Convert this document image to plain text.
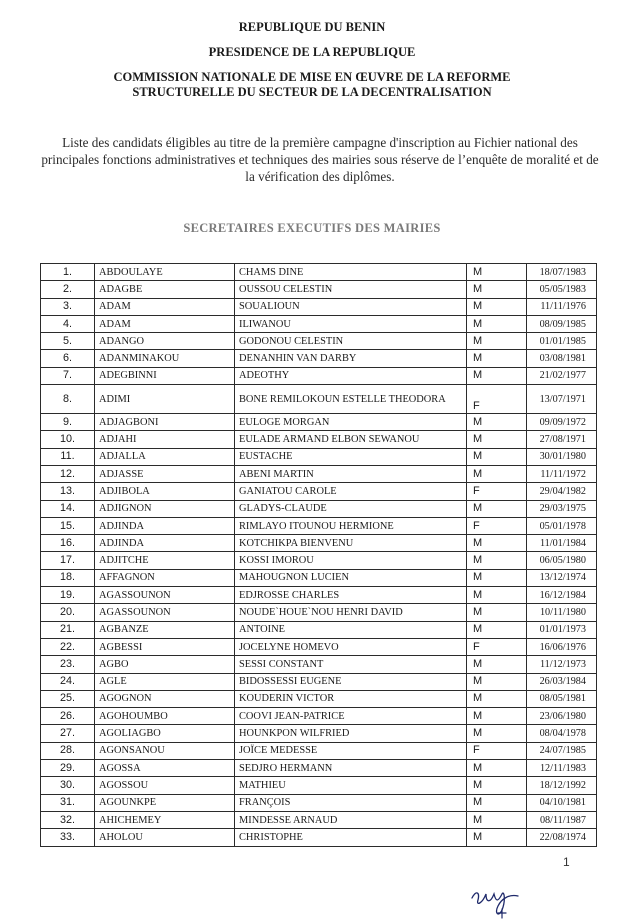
REPUBLIQUE DU BENIN
PRESIDENCE DE LA REPUBLIQUE
COMMISSION NATIONALE DE MISE EN ŒUVRE DE LA REFORME
STRUCTURELLE DU SECTEUR DE LA DECENTRALISATION
Liste des candidats éligibles au titre de la première campagne d'inscription au Fichier national des principales fonctions administratives et techniques des mairies sous réserve de l’enquête de moralité et de la vérification des diplômes.
SECRETAIRES EXECUTIFS DES MAIRIES
1.	ABDOULAYE	CHAMS DINE	M	18/07/1983
2.	ADAGBE	OUSSOU CELESTIN	M	05/05/1983
3.	ADAM	SOUALIOUN	M	11/11/1976
4.	ADAM	ILIWANOU	M	08/09/1985
5.	ADANGO	GODONOU CELESTIN	M	01/01/1985
6.	ADANMINAKOU	DENANHIN VAN DARBY	M	03/08/1981
7.	ADEGBINNI	ADEOTHY	M	21/02/1977
8.	ADIMI	BONE REMILOKOUN ESTELLE THEODORA	F	13/07/1971
9.	ADJAGBONI	EULOGE MORGAN	M	09/09/1972
10.	ADJAHI	EULADE ARMAND ELBON SEWANOU	M	27/08/1971
11.	ADJALLA	EUSTACHE	M	30/01/1980
12.	ADJASSE	ABENI MARTIN	M	11/11/1972
13.	ADJIBOLA	GANIATOU CAROLE	F	29/04/1982
14.	ADJIGNON	GLADYS-CLAUDE	M	29/03/1975
15.	ADJINDA	RIMLAYO ITOUNOU HERMIONE	F	05/01/1978
16.	ADJINDA	KOTCHIKPA BIENVENU	M	11/01/1984
17.	ADJITCHE	KOSSI IMOROU	M	06/05/1980
18.	AFFAGNON	MAHOUGNON LUCIEN	M	13/12/1974
19.	AGASSOUNON	EDJROSSE CHARLES	M	16/12/1984
20.	AGASSOUNON	NOUDE`HOUE`NOU HENRI DAVID	M	10/11/1980
21.	AGBANZE	ANTOINE	M	01/01/1973
22.	AGBESSI	JOCELYNE HOMEVO	F	16/06/1976
23.	AGBO	SESSI CONSTANT	M	11/12/1973
24.	AGLE	BIDOSSESSI EUGENE	M	26/03/1984
25.	AGOGNON	KOUDERIN VICTOR	M	08/05/1981
26.	AGOHOUMBO	COOVI JEAN-PATRICE	M	23/06/1980
27.	AGOLIAGBO	HOUNKPON WILFRIED	M	08/04/1978
28.	AGONSANOU	JOÏCE MEDESSE	F	24/07/1985
29.	AGOSSA	SEDJRO HERMANN	M	12/11/1983
30.	AGOSSOU	MATHIEU	M	18/12/1992
31.	AGOUNKPE	FRANÇOIS	M	04/10/1981
32.	AHICHEMEY	MINDESSE ARNAUD	M	08/11/1987
33.	AHOLOU	CHRISTOPHE	M	22/08/1974
1
